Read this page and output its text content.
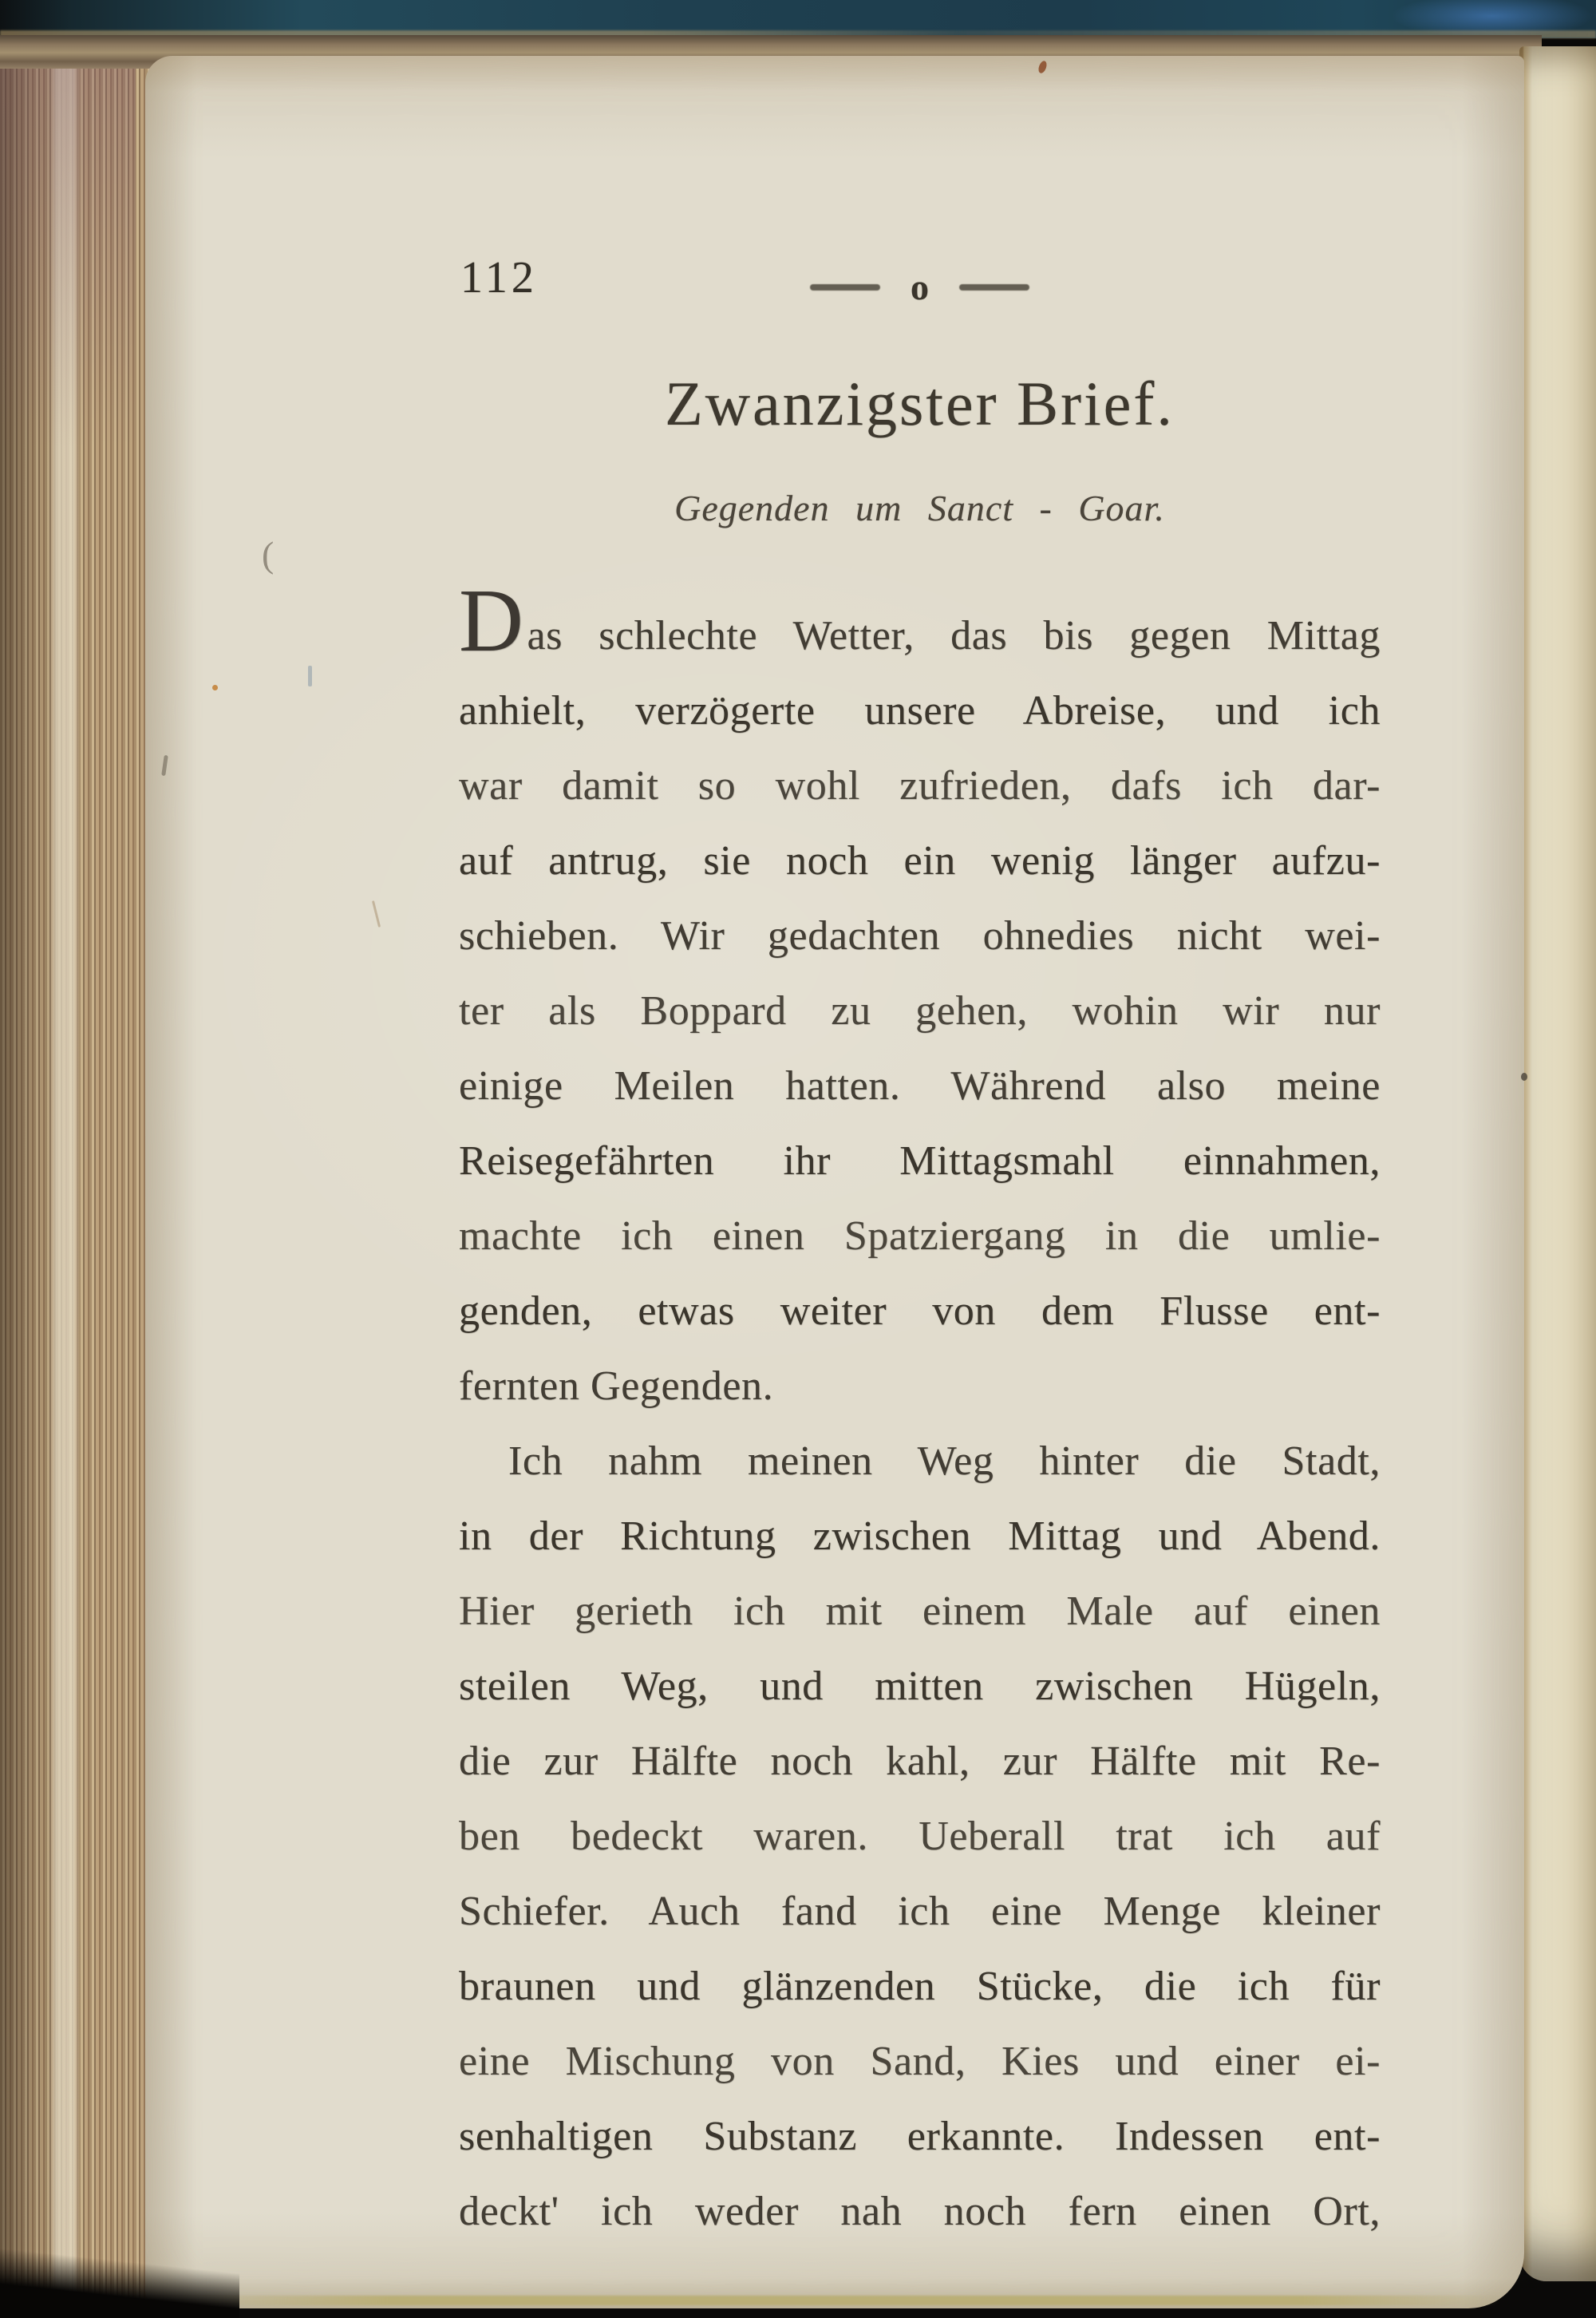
112	o
Zwanzigster Brief.
Gegenden um Sanct - Goar.
Das schlechte Wetter, das bis gegen Mittag
anhielt, verzögerte unsere Abreise, und ich
war damit so wohl zufrieden, dafs ich dar-
auf antrug, sie noch ein wenig länger aufzu-
schieben. Wir gedachten ohnedies nicht wei-
ter als Boppard zu gehen, wohin wir nur
einige Meilen hatten. Während also meine
Reisegefährten ihr Mittagsmahl einnahmen,
machte ich einen Spatziergang in die umlie-
genden, etwas weiter von dem Flusse ent-
fernten Gegenden.
Ich nahm meinen Weg hinter die Stadt,
in der Richtung zwischen Mittag und Abend.
Hier gerieth ich mit einem Male auf einen
steilen Weg, und mitten zwischen Hügeln,
die zur Hälfte noch kahl, zur Hälfte mit Re-
ben bedeckt waren. Ueberall trat ich auf
Schiefer. Auch fand ich eine Menge kleiner
braunen und glänzenden Stücke, die ich für
eine Mischung von Sand, Kies und einer ei-
senhaltigen Substanz erkannte. Indessen ent-
deckt' ich weder nah noch fern einen Ort,
(
